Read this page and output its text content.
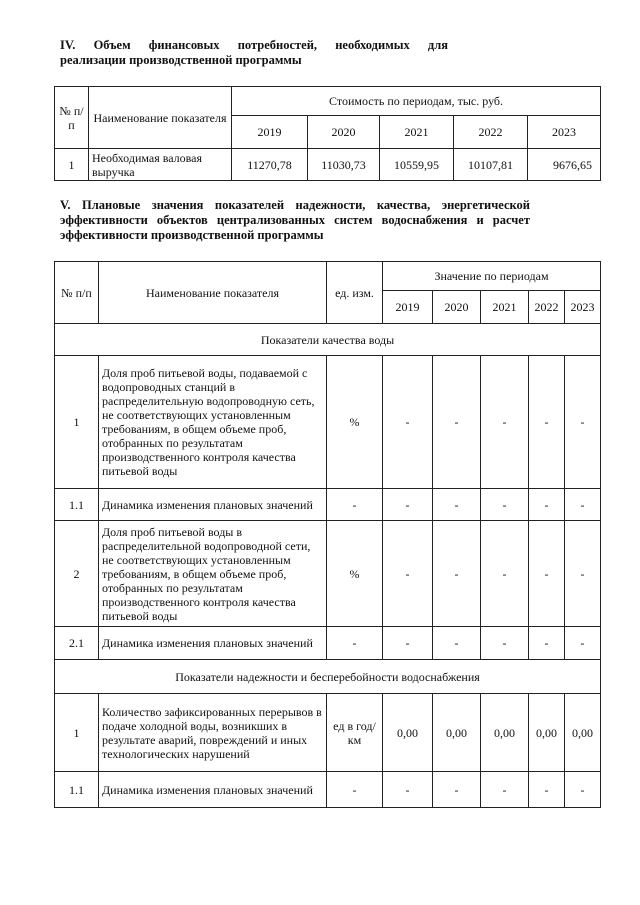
IV. Объем финансовых потребностей, необходимых для
реализации производственной программы
№ п/п	Наименование показателя	Стоимость по периодам, тыс. руб.				
		2019	2020	2021	2022	2023
1	Необходимая валовая выручка	11270,78	11030,73	10559,95	10107,81	9676,65
V. Плановые значения показателей надежности, качества, энергетической
эффективности объектов централизованных систем водоснабжения и расчет
эффективности производственной программы
№ п/п	Наименование показателя	ед. изм.	Значение по периодам				
			2019	2020	2021	2022	2023
Показатели качества воды							
1	Доля проб питьевой воды, подаваемой с водопроводных станций в распределительную водопроводную сеть, не соответствующих установленным требованиям, в общем объеме проб, отобранных по результатам производственного контроля качества питьевой воды	%	-	-	-	-	-
1.1	Динамика изменения плановых значений	-	-	-	-	-	-
2	Доля проб питьевой воды в распределительной водопроводной сети, не соответствующих установленным требованиям, в общем объеме проб, отобранных по результатам производственного контроля качества питьевой воды	%	-	-	-	-	-
2.1	Динамика изменения плановых значений	-	-	-	-	-	-
Показатели надежности и бесперебойности водоснабжения							
1	Количество зафиксированных перерывов в подаче холодной воды, возникших в результате аварий, повреждений и иных технологических нарушений	ед в год/ км	0,00	0,00	0,00	0,00	0,00
1.1	Динамика изменения плановых значений	-	-	-	-	-	-
